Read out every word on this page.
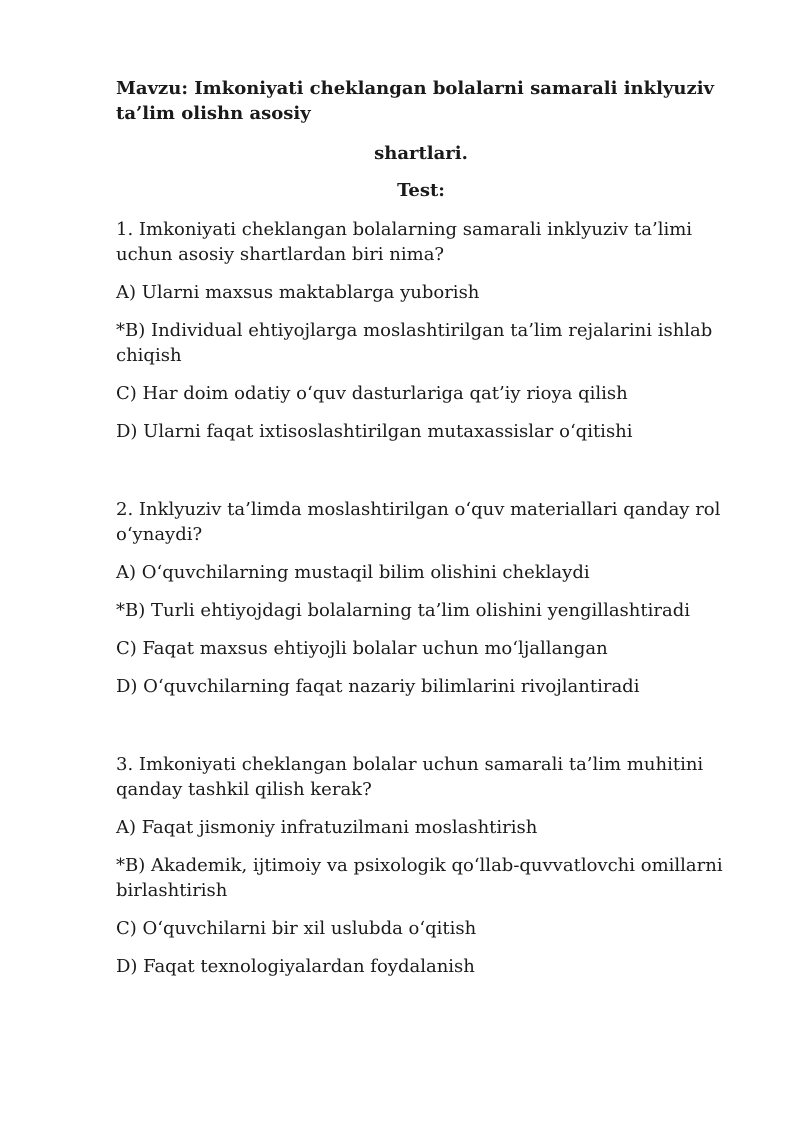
Mavzu: Imkoniyati cheklangan bolalarni samarali inklyuziv ta’lim olishn asosiy

shartlari.

Test:

1. Imkoniyati cheklangan bolalarning samarali inklyuziv ta’limi uchun asosiy shartlardan biri nima?

A) Ularni maxsus maktablarga yuborish

*B) Individual ehtiyojlarga moslashtirilgan ta’lim rejalarini ishlab chiqish

C) Har doim odatiy o‘quv dasturlariga qat’iy rioya qilish

D) Ularni faqat ixtisoslashtirilgan mutaxassislar o‘qitishi

2. Inklyuziv ta’limda moslashtirilgan o‘quv materiallari qanday rol o‘ynaydi?

A) O‘quvchilarning mustaqil bilim olishini cheklaydi

*B) Turli ehtiyojdagi bolalarning ta’lim olishini yengillashtiradi

C) Faqat maxsus ehtiyojli bolalar uchun mo‘ljallangan

D) O‘quvchilarning faqat nazariy bilimlarini rivojlantiradi

3. Imkoniyati cheklangan bolalar uchun samarali ta’lim muhitini qanday tashkil qilish kerak?

A) Faqat jismoniy infratuzilmani moslashtirish

*B) Akademik, ijtimoiy va psixologik qo‘llab-quvvatlovchi omillarni birlashtirish

C) O‘quvchilarni bir xil uslubda o‘qitish

D) Faqat texnologiyalardan foydalanish
